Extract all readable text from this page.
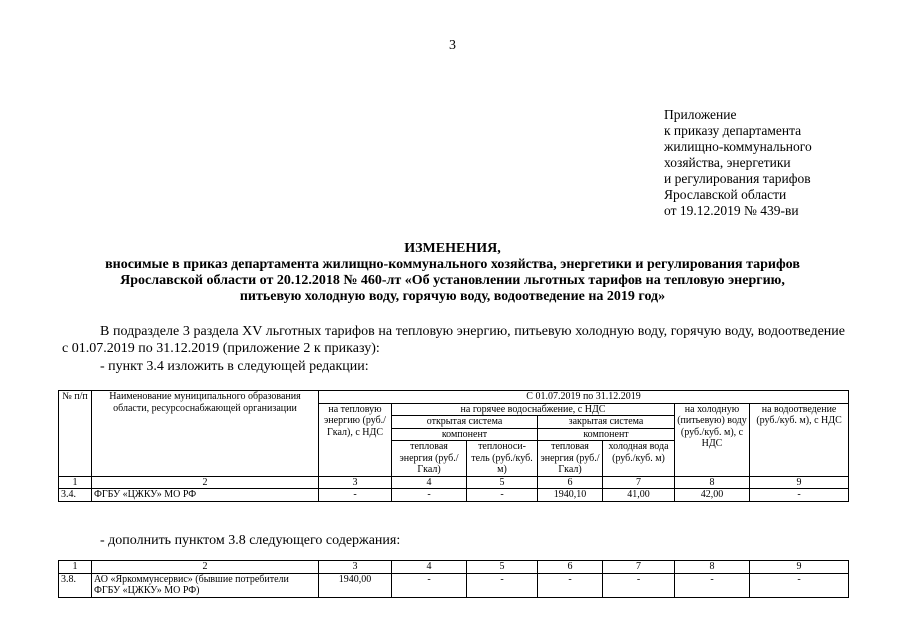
3
Приложение
к приказу департамента
жилищно-коммунального
хозяйства, энергетики
и регулирования тарифов
Ярославской области
от 19.12.2019 № 439-ви
ИЗМЕНЕНИЯ,
вносимые в приказ департамента жилищно-коммунального хозяйства, энергетики и регулирования тарифов
Ярославской области от 20.12.2018 № 460-лт «Об установлении льготных тарифов на тепловую энергию,
питьевую холодную воду, горячую воду, водоотведение на 2019 год»
В подразделе 3 раздела XV льготных тарифов на тепловую энергию, питьевую холодную воду, горячую воду, водоотведение с 01.07.2019 по 31.12.2019 (приложение 2 к приказу):
- пункт 3.4 изложить в следующей редакции:
№ п/п	Наименование муниципального образования области, ресурсоснабжающей организации	С 01.07.2019 по 31.12.2019						
		на тепловую энергию (руб./Гкал), с НДС	на горячее водоснабжение, с НДС				на холодную (питьевую) воду (руб./куб. м), с НДС	на водоотведение (руб./куб. м), с НДС
			открытая система		закрытая система			
			компонент		компонент			
			тепловая энергия (руб./Гкал)	теплоноси-тель (руб./куб. м)	тепловая энергия (руб./Гкал)	холодная вода (руб./куб. м)		
1	2	3	4	5	6	7	8	9
3.4.	ФГБУ «ЦЖКУ» МО РФ	-	-	-	1940,10	41,00	42,00	-
- дополнить пунктом 3.8 следующего содержания:
1	2	3	4	5	6	7	8	9
3.8.	АО «Яркоммунсервис» (бывшие потребители ФГБУ «ЦЖКУ» МО РФ)	1940,00	-	-	-	-	-	-
